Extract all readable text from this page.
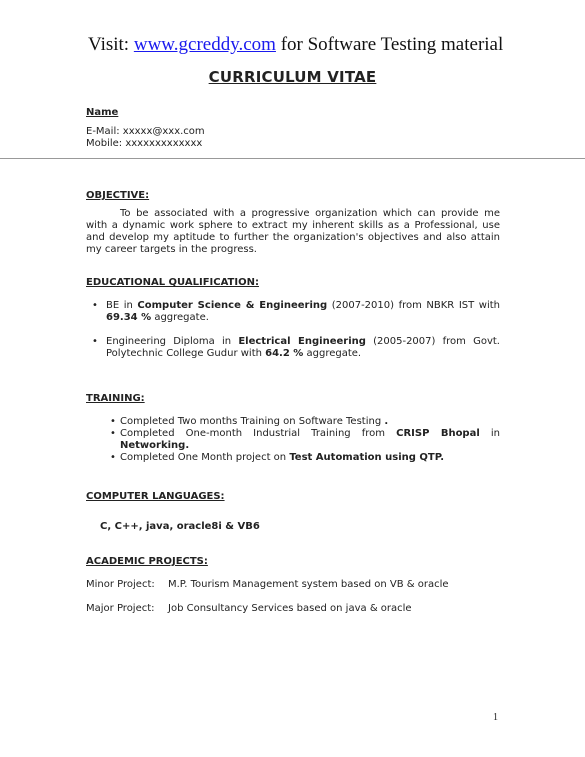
Visit: www.gcreddy.com for Software Testing material
CURRICULUM VITAE
Name
E-Mail: xxxxx@xxx.com
Mobile: xxxxxxxxxxxxx
OBJECTIVE:
To be associated with a progressive organization which can provide me with a dynamic work sphere to extract my inherent skills as a Professional, use and develop my aptitude to further the organization's objectives and also attain my career targets in the progress.
EDUCATIONAL QUALIFICATION:
• BE in Computer Science & Engineering (2007-2010) from NBKR IST with 69.34 % aggregate.
• Engineering Diploma in Electrical Engineering (2005-2007) from Govt. Polytechnic College Gudur with 64.2 % aggregate.
TRAINING:
• Completed Two months Training on Software Testing .
• Completed One-month Industrial Training from CRISP Bhopal in Networking.
• Completed One Month project on Test Automation using QTP.
COMPUTER LANGUAGES:
C, C++, java, oracle8i & VB6
ACADEMIC PROJECTS:
Minor Project: M.P. Tourism Management system based on VB & oracle
Major Project: Job Consultancy Services based on java & oracle
1
